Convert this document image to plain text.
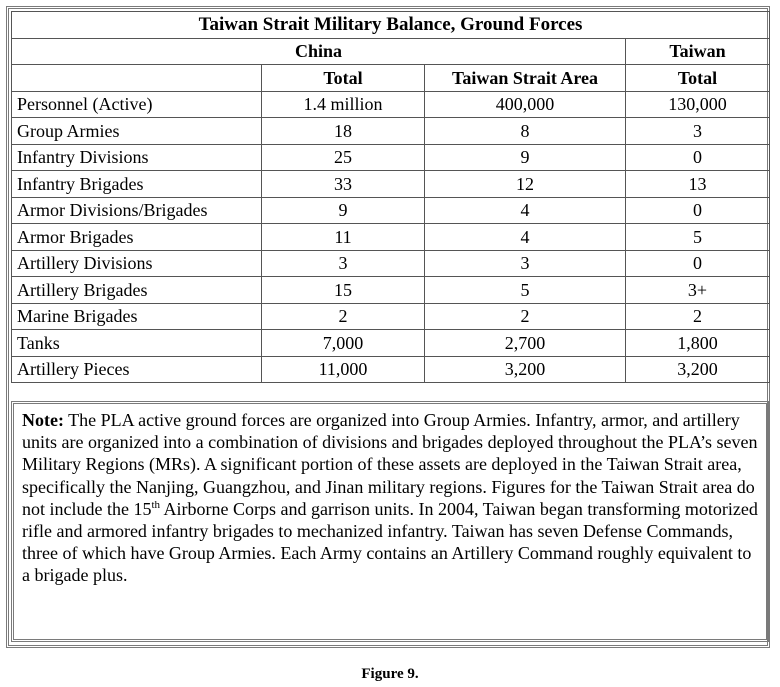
Taiwan Strait Military Balance, Ground Forces			
China			Taiwan
	Total	Taiwan Strait Area	Total
Personnel (Active)	1.4 million	400,000	130,000
Group Armies	18	8	3
Infantry Divisions	25	9	0
Infantry Brigades	33	12	13
Armor Divisions/Brigades	9	4	0
Armor Brigades	11	4	5
Artillery Divisions	3	3	0
Artillery Brigades	15	5	3+
Marine Brigades	2	2	2
Tanks	7,000	2,700	1,800
Artillery Pieces	11,000	3,200	3,200
Note: The PLA active ground forces are organized into Group Armies. Infantry, armor, and artillery units are organized into a combination of divisions and brigades deployed throughout the PLA’s seven Military Regions (MRs). A significant portion of these assets are deployed in the Taiwan Strait area, specifically the Nanjing, Guangzhou, and Jinan military regions. Figures for the Taiwan Strait area do not include the 15th Airborne Corps and garrison units. In 2004, Taiwan began transforming motorized rifle and armored infantry brigades to mechanized infantry. Taiwan has seven Defense Commands, three of which have Group Armies. Each Army contains an Artillery Command roughly equivalent to a brigade plus.
Figure 9.
